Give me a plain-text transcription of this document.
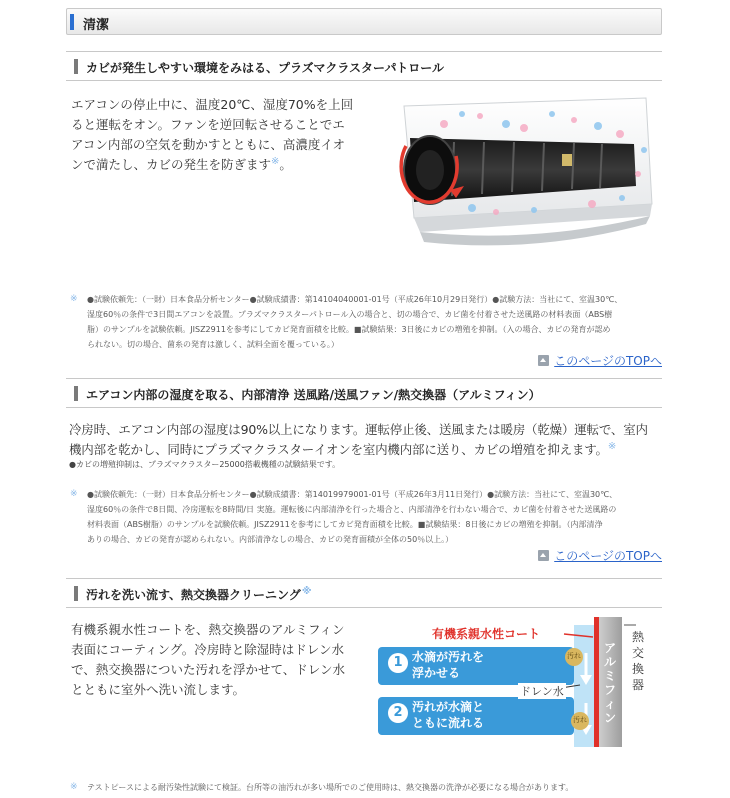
清潔
カビが発生しやすい環境をみはる、プラズマクラスターパトロール
エアコンの停止中に、温度20℃、湿度70%を上回
ると運転をオン。ファンを逆回転させることでエ
アコン内部の空気を動かすとともに、高濃度イオ
ンで満たし、カビの発生を防ぎます※。
※ ●試験依頼先：（一財）日本食品分析センター●試験成績書：第14104040001-01号（平成26年10月29日発行）●試験方法：当社にて、室温30℃、
湿度60％の条件で3日間エアコンを設置。プラズマクラスターパトロール入の場合と、切の場合で、カビ菌を付着させた送風路の材料表面（ABS樹
脂）のサンプルを試験依頼。JISZ2911を参考にしてカビ発育面積を比較。■試験結果：3日後にカビの増殖を抑制。（入の場合、カビの発育が認め
られない。切の場合、菌糸の発育は激しく、試料全面を覆っている。）
このページのTOPへ
エアコン内部の湿度を取る、内部清浄 送風路/送風ファン/熱交換器（アルミフィン）
冷房時、エアコン内部の湿度は90%以上になります。運転停止後、送風または暖房（乾燥）運転で、室内
機内部を乾かし、同時にプラズマクラスターイオンを室内機内部に送り、カビの増殖を抑えます。※
●カビの増殖抑制は、プラズマクラスター25000搭載機種の試験結果です。
※ ●試験依頼先：（一財）日本食品分析センター●試験成績書：第14019979001-01号（平成26年3月11日発行）●試験方法：当社にて、室温30℃、
湿度60％の条件で8日間、冷房運転を8時間/日 実施。運転後に内部清浄を行った場合と、内部清浄を行わない場合で、カビ菌を付着させた送風路の
材料表面（ABS樹脂）のサンプルを試験依頼。JISZ2911を参考にしてカビ発育面積を比較。■試験結果：8日後にカビの増殖を抑制。（内部清浄
ありの場合、カビの発育が認められない。内部清浄なしの場合、カビの発育面積が全体の50％以上。）
このページのTOPへ
汚れを洗い流す、熱交換器クリーニング※
有機系親水性コートを、熱交換器のアルミフィン
表面にコーティング。冷房時と除湿時はドレン水
で、熱交換器についた汚れを浮かせて、ドレン水
とともに室外へ洗い流します。
有機系親水性コート
1 水滴が汚れを
浮かせる
2 汚れが水滴と
ともに流れる
ドレン水
アルミフィン
熱交換器
汚れ
汚れ
※ テストピースによる耐汚染性試験にて検証。台所等の油汚れが多い場所でのご使用時は、熱交換器の洗浄が必要になる場合があります。
